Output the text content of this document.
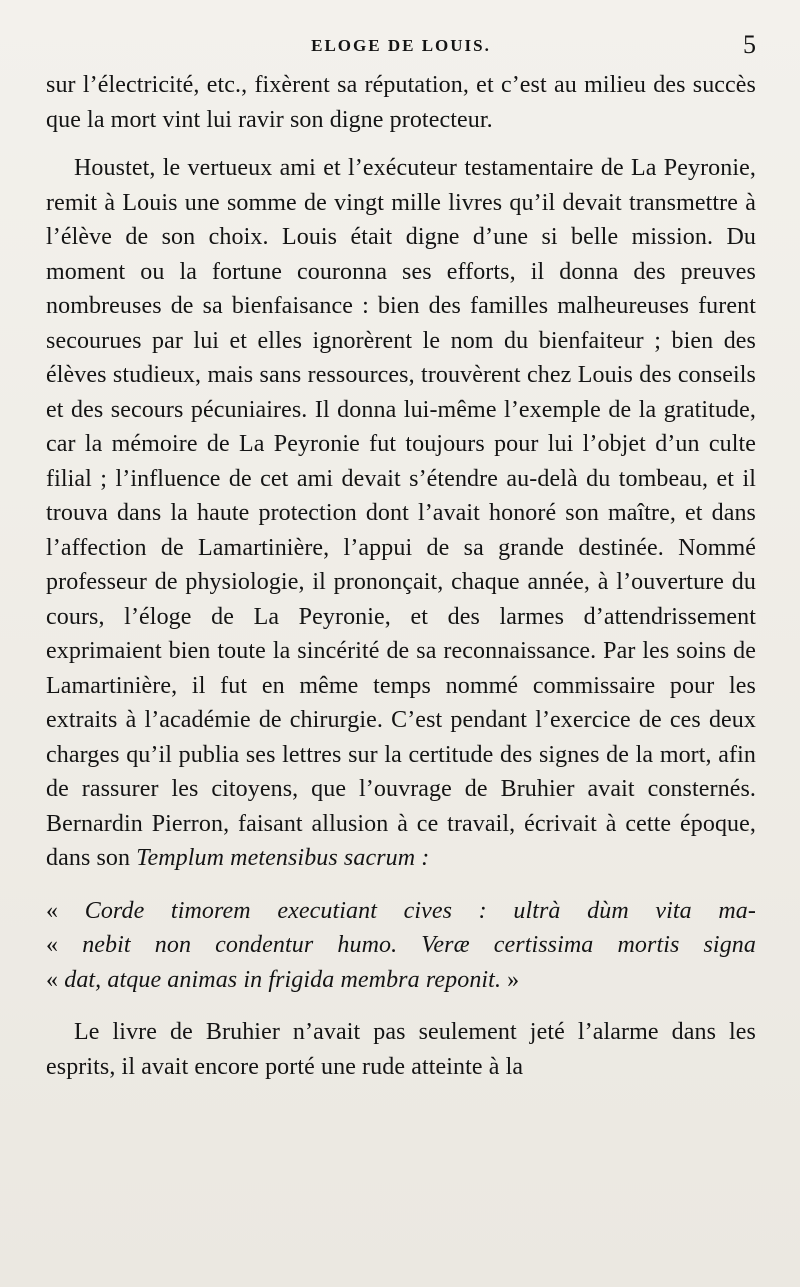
ELOGE DE LOUIS.	5

sur l’électricité, etc., fixèrent sa réputation, et c’est au milieu des succès que la mort vint lui ravir son digne protecteur.

Houstet, le vertueux ami et l’exécuteur testamentaire de La Peyronie, remit à Louis une somme de vingt mille livres qu’il devait transmettre à l’élève de son choix. Louis était digne d’une si belle mission. Du moment ou la fortune couronna ses efforts, il donna des preuves nombreuses de sa bienfaisance : bien des familles malheureuses furent secourues par lui et elles ignorèrent le nom du bienfaiteur ; bien des élèves studieux, mais sans ressources, trouvèrent chez Louis des conseils et des secours pécuniaires. Il donna lui-même l’exemple de la gratitude, car la mémoire de La Peyronie fut toujours pour lui l’objet d’un culte filial ; l’influence de cet ami devait s’étendre au-delà du tombeau, et il trouva dans la haute protection dont l’avait honoré son maître, et dans l’affection de Lamartinière, l’appui de sa grande destinée. Nommé professeur de physiologie, il prononçait, chaque année, à l’ouverture du cours, l’éloge de La Peyronie, et des larmes d’attendrissement exprimaient bien toute la sincérité de sa reconnaissance. Par les soins de Lamartinière, il fut en même temps nommé commissaire pour les extraits à l’académie de chirurgie. C’est pendant l’exercice de ces deux charges qu’il publia ses lettres sur la certitude des signes de la mort, afin de rassurer les citoyens, que l’ouvrage de Bruhier avait consternés. Bernardin Pierron, faisant allusion à ce travail, écrivait à cette époque, dans son Templum metensibus sacrum :

« Corde timorem executiant cives : ultrà dùm vita ma-
« nebit non condentur humo. Veræ certissima mortis signa
« dat, atque animas in frigida membra reponit. »

Le livre de Bruhier n’avait pas seulement jeté l’alarme dans les esprits, il avait encore porté une rude atteinte à la
